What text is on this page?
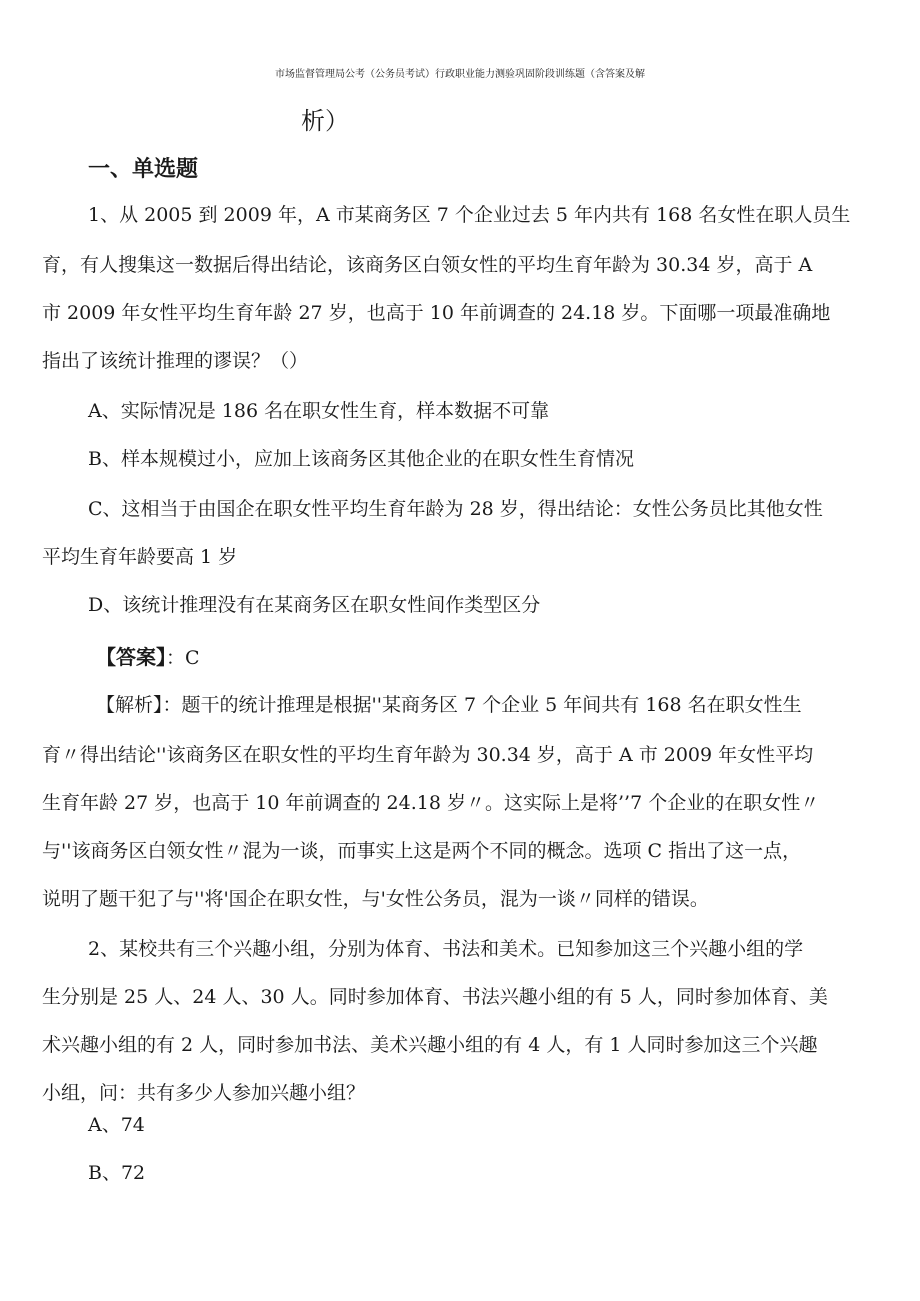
市场监督管理局公考（公务员考试）行政职业能力测验巩固阶段训练题（含答案及解
析）
一、单选题

1、从 2005 到 2009 年，A 市某商务区 7 个企业过去 5 年内共有 168 名女性在职人员生

育，有人搜集这一数据后得出结论，该商务区白领女性的平均生育年龄为 30.34 岁，高于 A

市 2009 年女性平均生育年龄 27 岁，也高于 10 年前调查的 24.18 岁。下面哪一项最准确地

指出了该统计推理的谬误？（）

A、实际情况是 186 名在职女性生育，样本数据不可靠

B、样本规模过小，应加上该商务区其他企业的在职女性生育情况

C、这相当于由国企在职女性平均生育年龄为 28 岁，得出结论：女性公务员比其他女性

平均生育年龄要高 1 岁

D、该统计推理没有在某商务区在职女性间作类型区分

【答案】：C

【解析】：题干的统计推理是根据''某商务区 7 个企业 5 年间共有 168 名在职女性生

育〃得出结论''该商务区在职女性的平均生育年龄为 30.34 岁，高于 A 市 2009 年女性平均

生育年龄 27 岁，也高于 10 年前调查的 24.18 岁〃。这实际上是将’’7 个企业的在职女性〃

与''该商务区白领女性〃混为一谈，而事实上这是两个不同的概念。选项 C 指出了这一点，

说明了题干犯了与''将'国企在职女性，与'女性公务员，混为一谈〃同样的错误。

2、某校共有三个兴趣小组，分别为体育、书法和美术。已知参加这三个兴趣小组的学

生分别是 25 人、24 人、30 人。同时参加体育、书法兴趣小组的有 5 人，同时参加体育、美

术兴趣小组的有 2 人，同时参加书法、美术兴趣小组的有 4 人，有 1 人同时参加这三个兴趣

小组，问：共有多少人参加兴趣小组？

A、74

B、72
